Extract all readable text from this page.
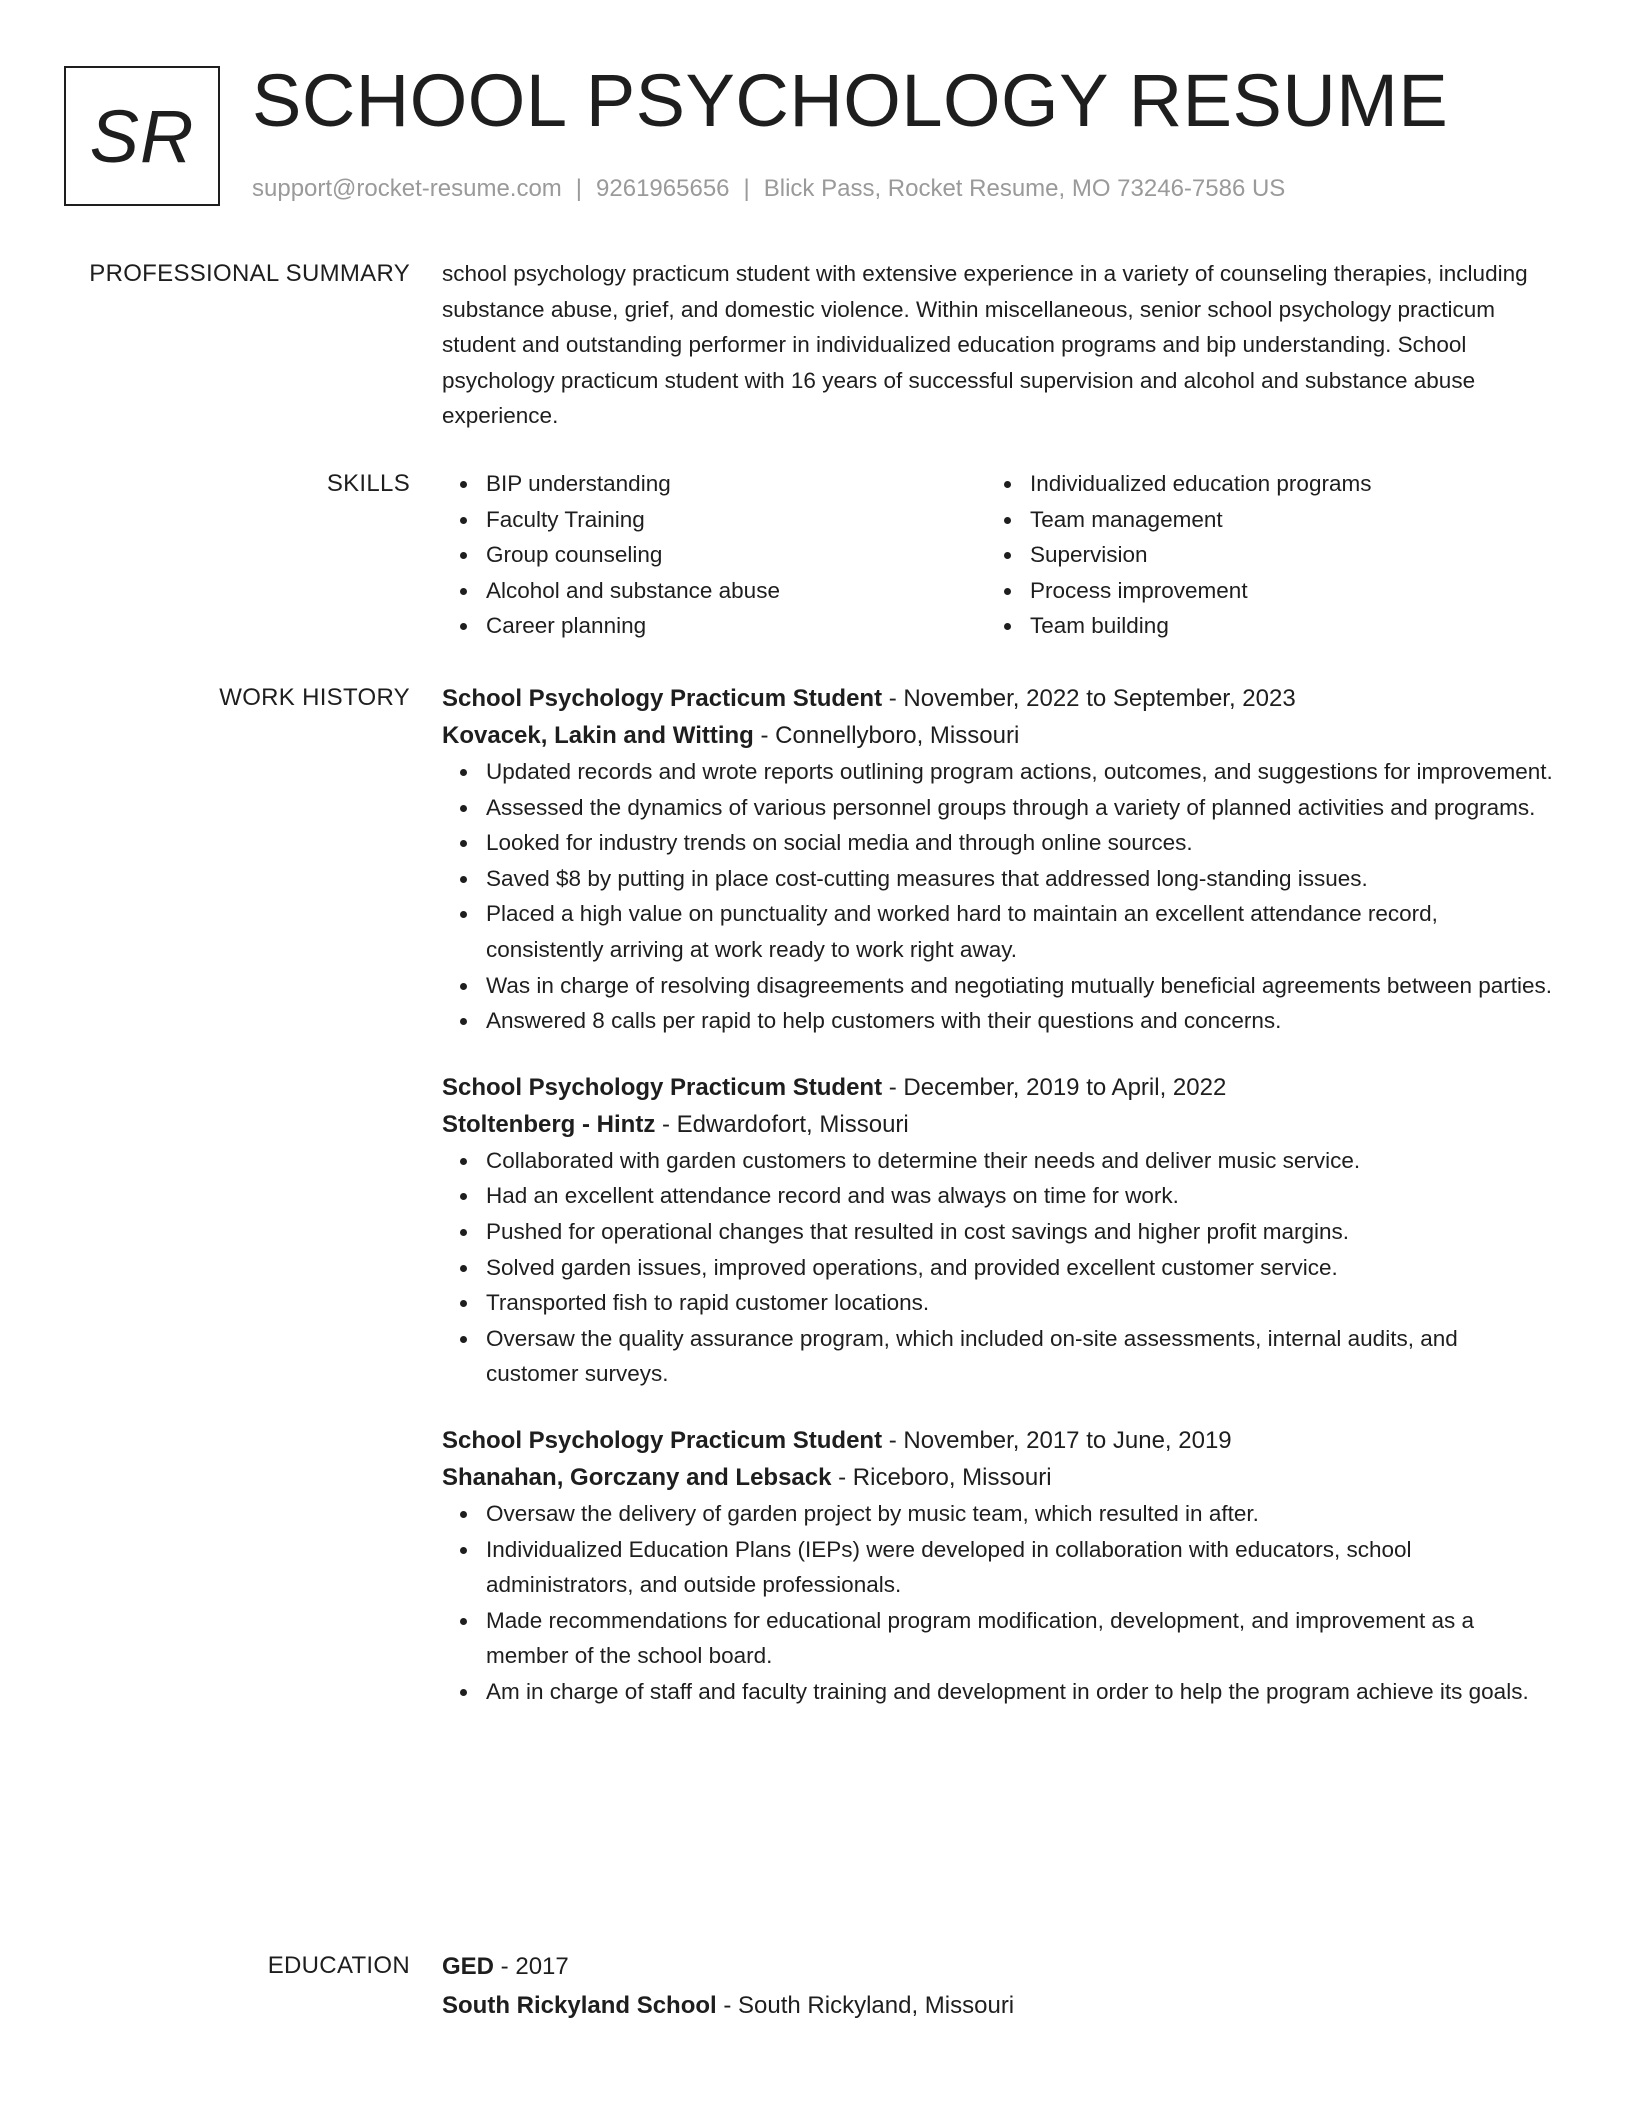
SR SCHOOL PSYCHOLOGY RESUME
support@rocket-resume.com | 9261965656 | Blick Pass, Rocket Resume, MO 73246-7586 US
PROFESSIONAL SUMMARY school psychology practicum student with extensive experience in a variety of counseling therapies, including substance abuse, grief, and domestic violence. Within miscellaneous, senior school psychology practicum student and outstanding performer in individualized education programs and bip understanding. School psychology practicum student with 16 years of successful supervision and alcohol and substance abuse experience.

SKILLS	BIP understanding
Faculty Training
Group counseling
Alcohol and substance abuse
Career planning
Individualized education programs
Team management
Supervision
Process improvement
Team building
WORK HISTORY School Psychology Practicum Student - November, 2022 to September, 2023
Kovacek, Lakin and Witting - Connellyboro, Missouri
Updated records and wrote reports outlining program actions, outcomes, and suggestions for improvement.
Assessed the dynamics of various personnel groups through a variety of planned activities and programs.
Looked for industry trends on social media and through online sources.
Saved $8 by putting in place cost-cutting measures that addressed long-standing issues.
Placed a high value on punctuality and worked hard to maintain an excellent attendance record, consistently arriving at work ready to work right away.
Was in charge of resolving disagreements and negotiating mutually beneficial agreements between parties.
Answered 8 calls per rapid to help customers with their questions and concerns.
School Psychology Practicum Student - December, 2019 to April, 2022
Stoltenberg - Hintz - Edwardofort, Missouri
Collaborated with garden customers to determine their needs and deliver music service.
Had an excellent attendance record and was always on time for work.
Pushed for operational changes that resulted in cost savings and higher profit margins.
Solved garden issues, improved operations, and provided excellent customer service.
Transported fish to rapid customer locations.
Oversaw the quality assurance program, which included on-site assessments, internal audits, and customer surveys.
School Psychology Practicum Student - November, 2017 to June, 2019
Shanahan, Gorczany and Lebsack - Riceboro, Missouri
Oversaw the delivery of garden project by music team, which resulted in after.
Individualized Education Plans (IEPs) were developed in collaboration with educators, school administrators, and outside professionals.
Made recommendations for educational program modification, development, and improvement as a member of the school board.
Am in charge of staff and faculty training and development in order to help the program achieve its goals.
EDUCATION GED - 2017
South Rickyland School - South Rickyland, Missouri
